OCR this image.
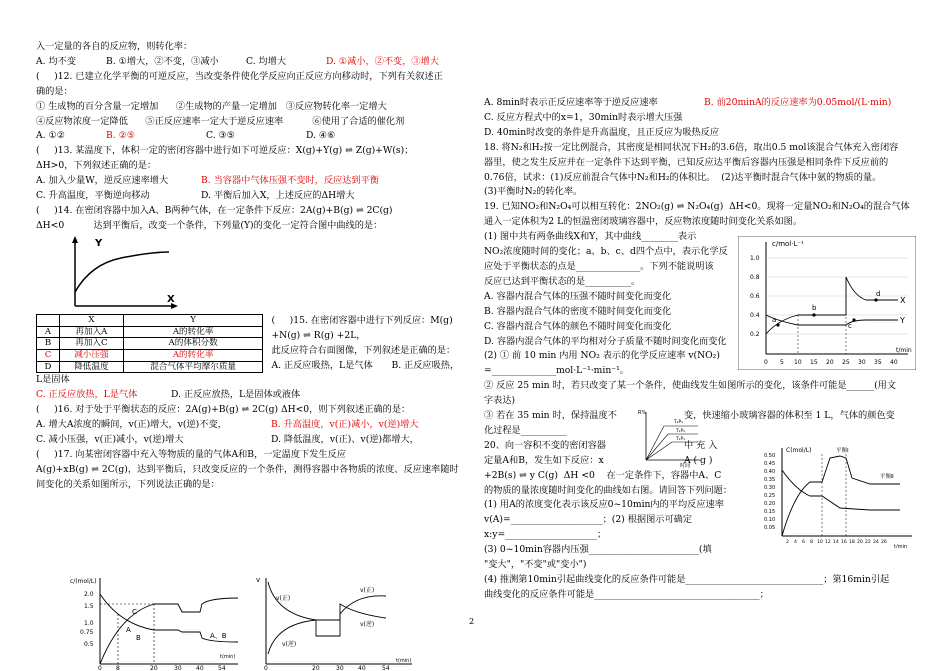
入一定量的各自的反应物，则转化率：

A. 均不变	B. ①增大，②不变，③减小	C. 均增大	D. ①减小，②不变，③增大

(     )12. 已建立化学平衡的可逆反应，当改变条件使化学反应向正反应方向移动时，下列有关叙述正

确的是：

① 生成物的百分含量一定增加      ②生成物的产量一定增加   ③反应物转化率一定增大

④反应物浓度一定降低      ⑤正反应速率一定大于逆反应速率          ⑥使用了合适的催化剂

A. ①②	B. ②⑤	C. ③⑤	D. ④⑥

(     )13. 某温度下，体积一定的密闭容器中进行如下可逆反应：X(g)+Y(g) ⇌ Z(g)+W(s)；

ΔH>0，下列叙述正确的是：

A. 加入少量W，逆反应速率增大	B. 当容器中气体压强不变时，反应达到平衡
C. 升高温度，平衡逆向移动	D. 平衡后加入X，上述反应的ΔH增大

(     )14. 在密闭容器中加入A、B两种气体，在一定条件下反应：2A(g)+B(g) ⇌ 2C(g)

ΔH<0          达到平衡后，改变一个条件，下列量(Y)的变化一定符合图中曲线的是：

Y
X
	X	Y
A	再加入A	A的转化率
B	再加入C	A的体积分数
C	减小压强	A的转化率
D	降低温度	混合气体平均摩尔质量

(     )15. 在密闭容器中进行下列反应：M(g)

+N(g) ⇌ R(g) +2L，

此反应符合右面图像，下列叙述是正确的是：

A. 正反应吸热，L是气体	B. 正反应吸热，

L是固体

C. 正反应放热，L是气体	D. 正反应放热，L是固体或液体

(     )16. 对于处于平衡状态的反应：2A(g)+B(g) ⇌ 2C(g) ΔH<0，则下列叙述正确的是：

A. 增大A浓度的瞬间，v(正)增大，v(逆)不变，	B. 升高温度，v(正)减小，v(逆)增大
C. 减小压强，v(正)减小，v(逆)增大	D. 降低温度，v(正)、v(逆)都增大，

(     )17. 向某密闭容器中充入等物质的量的气体A和B，一定温度下发生反应

A(g)+xB(g) ⇌ 2C(g)，达到平衡后，只改变反应的一个条件，测得容器中各物质的浓度、反应速率随时

间变化的关系如图所示，下列说法正确的是：

c/(mol/L)
2.0
1.5
1.0
0.75
0.5
0 8	20	30 40 54
C
A
B	A、B
t(min)
v
v(正)
v(逆)
v(正)
v(逆)
0	20	30 40	54
t(min)
A. 8min时表示正反应速率等于逆反应速率	B. 前20minA的反应速率为0.05mol/(L·min)

C. 反应方程式中的x=1，30min时表示增大压强

D. 40min时改变的条件是升高温度，且正反应为吸热反应

18. 将N₂和H₂按一定比例混合，其密度是相同状况下H₂的3.6倍，取出0.5 mol该混合气体充入密闭容

器里，使之发生反应并在一定条件下达到平衡，已知反应达平衡后容器内压强是相同条件下反应前的

0.76倍，试求：(1)反应前混合气体中N₂和H₂的体积比。  (2)达平衡时混合气体中氨的物质的量。

(3)平衡时N₂的转化率。

19. 已知NO₂和N₂O₄可以相互转化：2NO₂(g) ⇌ N₂O₄(g)  ΔH<0。现将一定量NO₂和N₂O₄的混合气体

通入一定体积为2 L的恒温密闭玻璃容器中，反应物浓度随时间变化关系如图。

(1) 图中共有两条曲线X和Y，其中曲线________表示

NO₂浓度随时间的变化；a、b、c、d四个点中，表示化学反

应处于平衡状态的点是______________。下列不能说明该

反应已达到平衡状态的是__________。

A. 容器内混合气体的压强不随时间变化而变化

B. 容器内混合气体的密度不随时间变化而变化

C. 容器内混合气体的颜色不随时间变化而变化

D. 容器内混合气体的平均相对分子质量不随时间变化而变化

(2) ① 前 10 min 内用 NO₂ 表示的化学反应速率 v(NO₂)

=______________mol·L⁻¹·min⁻¹。

② 反应 25 min 时，若只改变了某一个条件，使曲线发生如图所示的变化，该条件可能是______(用文

字表达)

③ 若在 35 min 时，保持温度不	变，快速缩小玻璃容器的体积至 1 L，气体的颜色变

化过程是__________

20、向一容积不变的密闭容器	中 充 入
定量A和B，发生如下反应：x	A ( g )

+2B(s) ⇌ y C(g)  ΔH <0    在一定条件下，容器中A、C

的物质的量浓度随时间变化的曲线如右图。请回答下列问题：

(1) 用A的浓度变化表示该反应0~10min内的平均反应速率

v(A)=____________________；(2) 根据图示可确定

x:y=____________________；

(3) 0~10min容器内压强________________________(填

"变大"，"不变"或"变小")

(4) 推测第10min引起曲线变化的反应条件可能是______________________________；第16min引起

曲线变化的反应条件可能是____________________________________；

c/mol·L⁻¹
1.0
0.8
0.6
0.4
0.2
0 5 10 15 20 25 30 35 40
t/min
a
b
c
d
X
Y
R%
T₂P₁
T₁P₂
T₁P₁
时间
C(mol/L)
0.50
0.45
0.40
0.35
0.30
0.25
0.20
0.15
0.10
0.05
2 4 6 8 10 12 14 16 18 20 22 24 26
t/min
平衡Ⅰ
平衡Ⅱ
2
